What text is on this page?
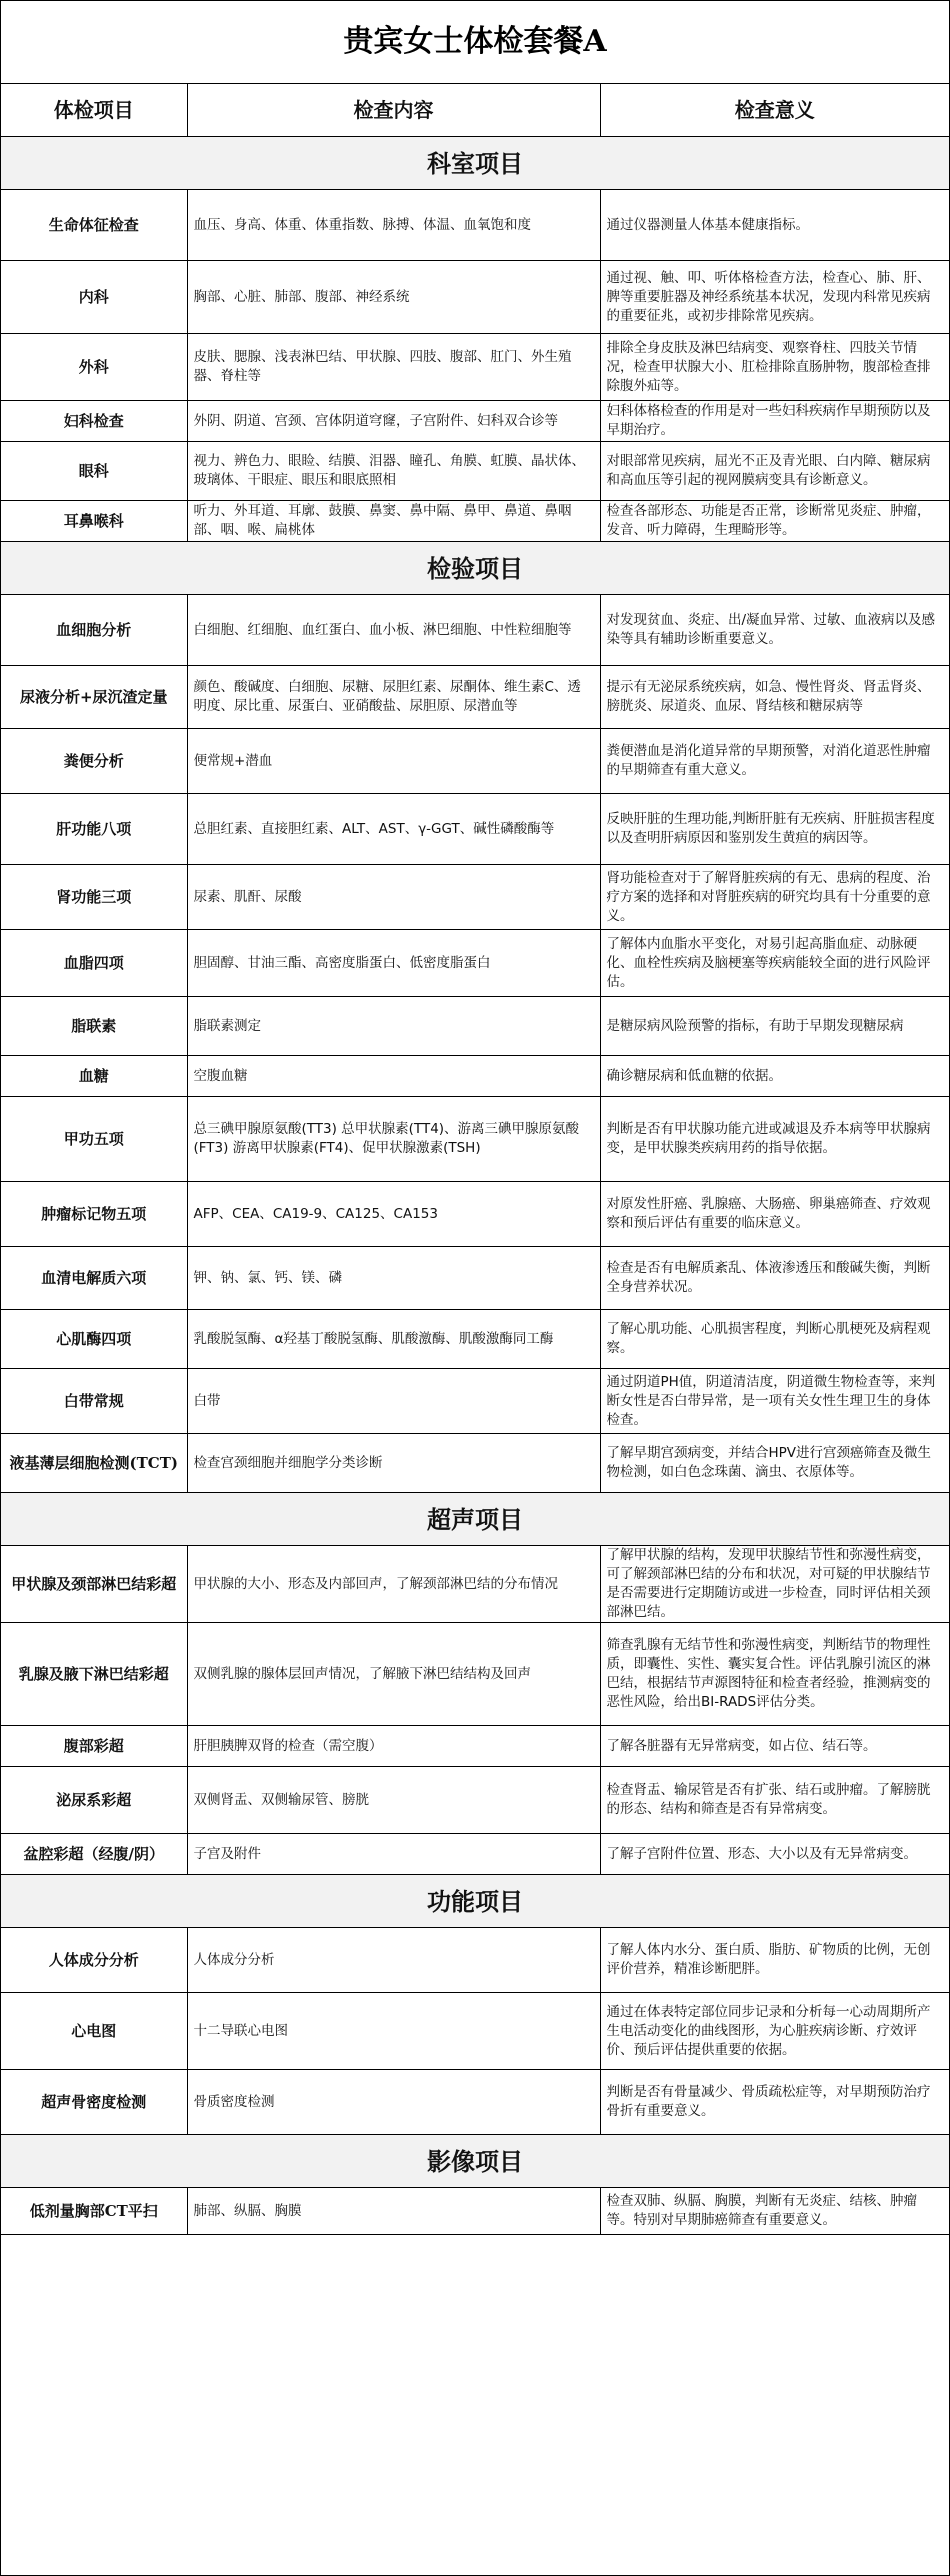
贵宾女士体检套餐A
体检项目	检查内容	检查意义
科室项目		
生命体征检查	血压、身高、体重、体重指数、脉搏、体温、血氧饱和度	通过仪器测量人体基本健康指标。
内科	胸部、心脏、肺部、腹部、神经系统	通过视、触、叩、听体格检查方法，检查心、肺、肝、脾等重要脏器及神经系统基本状况，发现内科常见疾病的重要征兆，或初步排除常见疾病。
外科	皮肤、腮腺、浅表淋巴结、甲状腺、四肢、腹部、肛门、外生殖器、脊柱等	排除全身皮肤及淋巴结病变、观察脊柱、四肢关节情况，检查甲状腺大小、肛检排除直肠肿物，腹部检查排除腹外疝等。
妇科检查	外阴、阴道、宫颈、宫体阴道穹窿，子宫附件、妇科双合诊等	妇科体格检查的作用是对一些妇科疾病作早期预防以及早期治疗。
眼科	视力、辨色力、眼睑、结膜、泪器、瞳孔、角膜、虹膜、晶状体、玻璃体、干眼症、眼压和眼底照相	对眼部常见疾病，屈光不正及青光眼、白内障、糖尿病和高血压等引起的视网膜病变具有诊断意义。
耳鼻喉科	听力、外耳道、耳廓、鼓膜、鼻窦、鼻中隔、鼻甲、鼻道、鼻咽部、咽、喉、扁桃体	检查各部形态、功能是否正常，诊断常见炎症、肿瘤，发音、听力障碍，生理畸形等。
检验项目		
血细胞分析	白细胞、红细胞、血红蛋白、血小板、淋巴细胞、中性粒细胞等	对发现贫血、炎症、出/凝血异常、过敏、血液病以及感染等具有辅助诊断重要意义。
尿液分析+尿沉渣定量	颜色、酸碱度、白细胞、尿糖、尿胆红素、尿酮体、维生素C、透明度、尿比重、尿蛋白、亚硝酸盐、尿胆原、尿潜血等	提示有无泌尿系统疾病，如急、慢性肾炎、肾盂肾炎、膀胱炎、尿道炎、血尿、肾结核和糖尿病等
粪便分析	便常规+潜血	粪便潜血是消化道异常的早期预警，对消化道恶性肿瘤的早期筛查有重大意义。
肝功能八项	总胆红素、直接胆红素、ALT、AST、γ-GGT、碱性磷酸酶等	反映肝脏的生理功能,判断肝脏有无疾病、肝脏损害程度以及查明肝病原因和鉴别发生黄疸的病因等。
肾功能三项	尿素、肌酐、尿酸	肾功能检查对于了解肾脏疾病的有无、患病的程度、治疗方案的选择和对肾脏疾病的研究均具有十分重要的意义。
血脂四项	胆固醇、甘油三酯、高密度脂蛋白、低密度脂蛋白	了解体内血脂水平变化，对易引起高脂血症、动脉硬化、血栓性疾病及脑梗塞等疾病能较全面的进行风险评估。
脂联素	脂联素测定	是糖尿病风险预警的指标，有助于早期发现糖尿病
血糖	空腹血糖	确诊糖尿病和低血糖的依据。
甲功五项	总三碘甲腺原氨酸(TT3) 总甲状腺素(TT4)、游离三碘甲腺原氨酸(FT3) 游离甲状腺素(FT4)、促甲状腺激素(TSH)	判断是否有甲状腺功能亢进或减退及乔本病等甲状腺病变，是甲状腺类疾病用药的指导依据。
肿瘤标记物五项	AFP、CEA、CA19-9、CA125、CA153	对原发性肝癌、乳腺癌、大肠癌、卵巢癌筛查、疗效观察和预后评估有重要的临床意义。
血清电解质六项	钾、钠、氯、钙、镁、磷	检查是否有电解质紊乱、体液渗透压和酸碱失衡，判断全身营养状况。
心肌酶四项	乳酸脱氢酶、α羟基丁酸脱氢酶、肌酸激酶、肌酸激酶同工酶	了解心肌功能、心肌损害程度，判断心肌梗死及病程观察。
白带常规	白带	通过阴道PH值，阴道清洁度，阴道微生物检查等，来判断女性是否白带异常，是一项有关女性生理卫生的身体检查。
液基薄层细胞检测(TCT)	检查宫颈细胞并细胞学分类诊断	了解早期宫颈病变，并结合HPV进行宫颈癌筛查及微生物检测，如白色念珠菌、滴虫、衣原体等。
超声项目		
甲状腺及颈部淋巴结彩超	甲状腺的大小、形态及内部回声，了解颈部淋巴结的分布情况	了解甲状腺的结构，发现甲状腺结节性和弥漫性病变，可了解颈部淋巴结的分布和状况，对可疑的甲状腺结节是否需要进行定期随访或进一步检查，同时评估相关颈部淋巴结。
乳腺及腋下淋巴结彩超	双侧乳腺的腺体层回声情况，了解腋下淋巴结结构及回声	筛查乳腺有无结节性和弥漫性病变，判断结节的物理性质，即囊性、实性、囊实复合性。评估乳腺引流区的淋巴结，根据结节声源图特征和检查者经验，推测病变的恶性风险，给出BI-RADS评估分类。
腹部彩超	肝胆胰脾双肾的检查（需空腹）	了解各脏器有无异常病变，如占位、结石等。
泌尿系彩超	双侧肾盂、双侧输尿管、膀胱	检查肾盂、输尿管是否有扩张、结石或肿瘤。了解膀胱的形态、结构和筛查是否有异常病变。
盆腔彩超（经腹/阴）	子宫及附件	了解子宫附件位置、形态、大小以及有无异常病变。
功能项目		
人体成分分析	人体成分分析	了解人体内水分、蛋白质、脂肪、矿物质的比例，无创评价营养，精准诊断肥胖。
心电图	十二导联心电图	通过在体表特定部位同步记录和分析每一心动周期所产生电活动变化的曲线图形，为心脏疾病诊断、疗效评价、预后评估提供重要的依据。
超声骨密度检测	骨质密度检测	判断是否有骨量减少、骨质疏松症等，对早期预防治疗骨折有重要意义。
影像项目		
低剂量胸部CT平扫	肺部、纵膈、胸膜	检查双肺、纵膈、胸膜，判断有无炎症、结核、肿瘤等。特别对早期肺癌筛查有重要意义。
